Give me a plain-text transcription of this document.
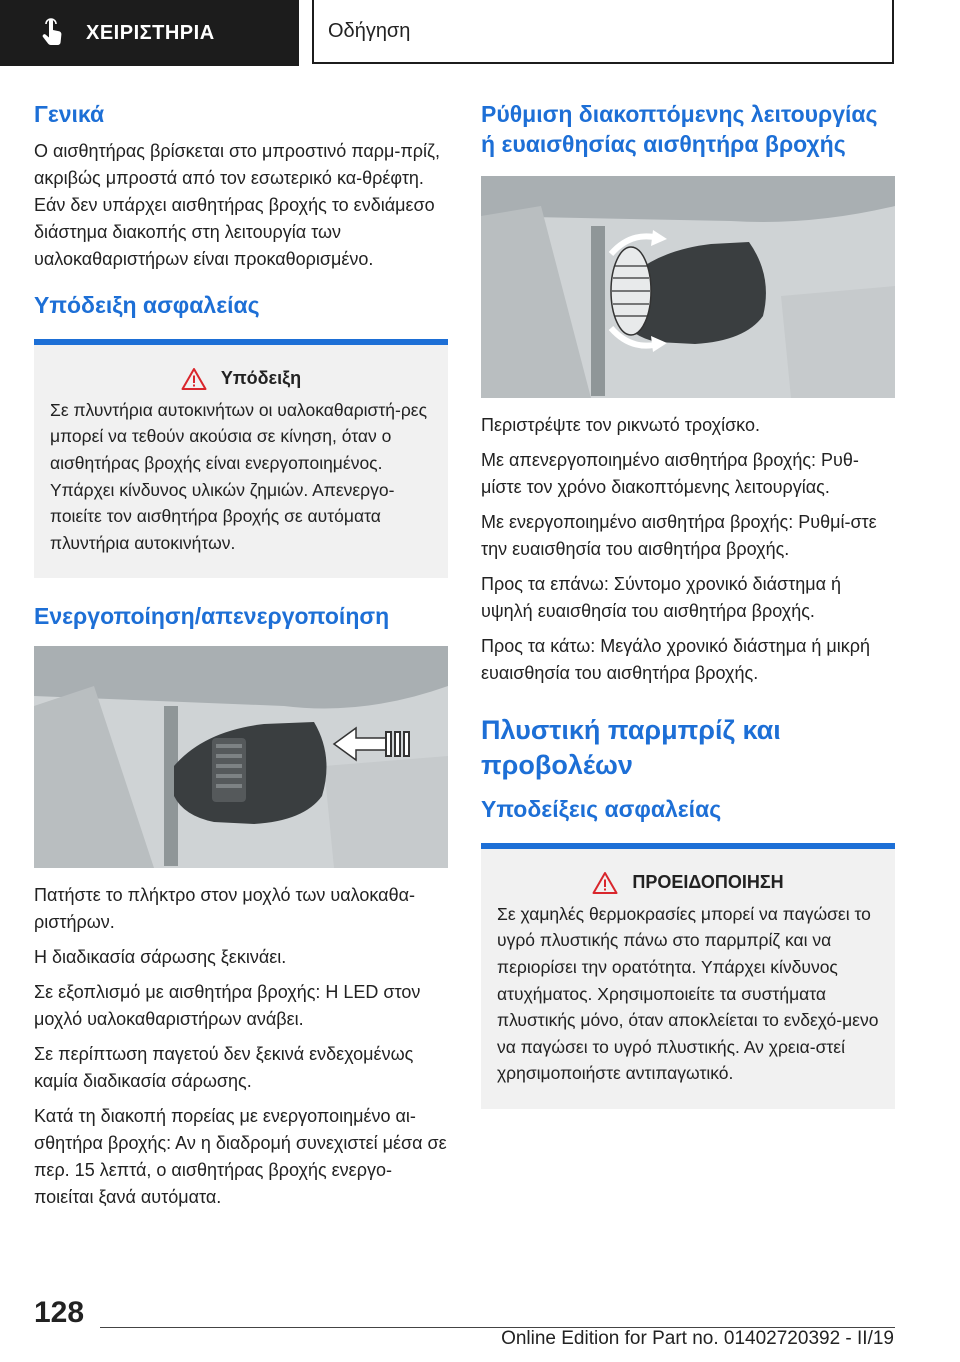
ΧΕΙΡΙΣΤΗΡΙΑ	Οδήγηση
Γενικά

Ο αισθητήρας βρίσκεται στο μπροστινό παρμ-πρίζ, ακριβώς μπροστά από τον εσωτερικό κα-θρέφτη. Εάν δεν υπάρχει αισθητήρας βροχής το ενδιάμεσο διάστημα διακοπής στη λειτουργία των υαλοκαθαριστήρων είναι προκαθορισμένο.

Υπόδειξη ασφαλείας
Υπόδειξη

Σε πλυντήρια αυτοκινήτων οι υαλοκαθαριστή-ρες μπορεί να τεθούν ακούσια σε κίνηση, όταν ο αισθητήρας βροχής είναι ενεργοποιημένος. Υπάρχει κίνδυνος υλικών ζημιών. Απενεργο-ποιείτε τον αισθητήρα βροχής σε αυτόματα πλυντήρια αυτοκινήτων.

Ενεργοποίηση/απενεργοποίηση

Πατήστε το πλήκτρο στον μοχλό των υαλοκαθα-ριστήρων.

Η διαδικασία σάρωσης ξεκινάει.

Σε εξοπλισμό με αισθητήρα βροχής: Η LED στον μοχλό υαλοκαθαριστήρων ανάβει.

Σε περίπτωση παγετού δεν ξεκινά ενδεχομένως καμία διαδικασία σάρωσης.

Κατά τη διακοπή πορείας με ενεργοποιημένο αι-σθητήρα βροχής: Αν η διαδρομή συνεχιστεί μέσα σε περ. 15 λεπτά, ο αισθητήρας βροχής ενεργο-ποιείται ξανά αυτόματα.

Ρύθμιση διακοπτόμενης λειτουργίας ή ευαισθησίας αισθητήρα βροχής

Περιστρέψτε τον ρικνωτό τροχίσκο.

Με απενεργοποιημένο αισθητήρα βροχής: Ρυθ-μίστε τον χρόνο διακοπτόμενης λειτουργίας.

Με ενεργοποιημένο αισθητήρα βροχής: Ρυθμί-στε την ευαισθησία του αισθητήρα βροχής.

Προς τα επάνω: Σύντομο χρονικό διάστημα ή υψηλή ευαισθησία του αισθητήρα βροχής.

Προς τα κάτω: Μεγάλο χρονικό διάστημα ή μικρή ευαισθησία του αισθητήρα βροχής.

Πλυστική παρμπρίζ και προβολέων
Υποδείξεις ασφαλείας
ΠΡΟΕΙΔΟΠΟΙΗΣΗ

Σε χαμηλές θερμοκρασίες μπορεί να παγώσει το υγρό πλυστικής πάνω στο παρμπρίζ και να περιορίσει την ορατότητα. Υπάρχει κίνδυνος ατυχήματος. Χρησιμοποιείτε τα συστήματα πλυστικής μόνο, όταν αποκλείεται το ενδεχό-μενο να παγώσει το υγρό πλυστικής. Αν χρεια-στεί χρησιμοποιήστε αντιπαγωτικό.

128
Online Edition for Part no. 01402720392 - II/19
